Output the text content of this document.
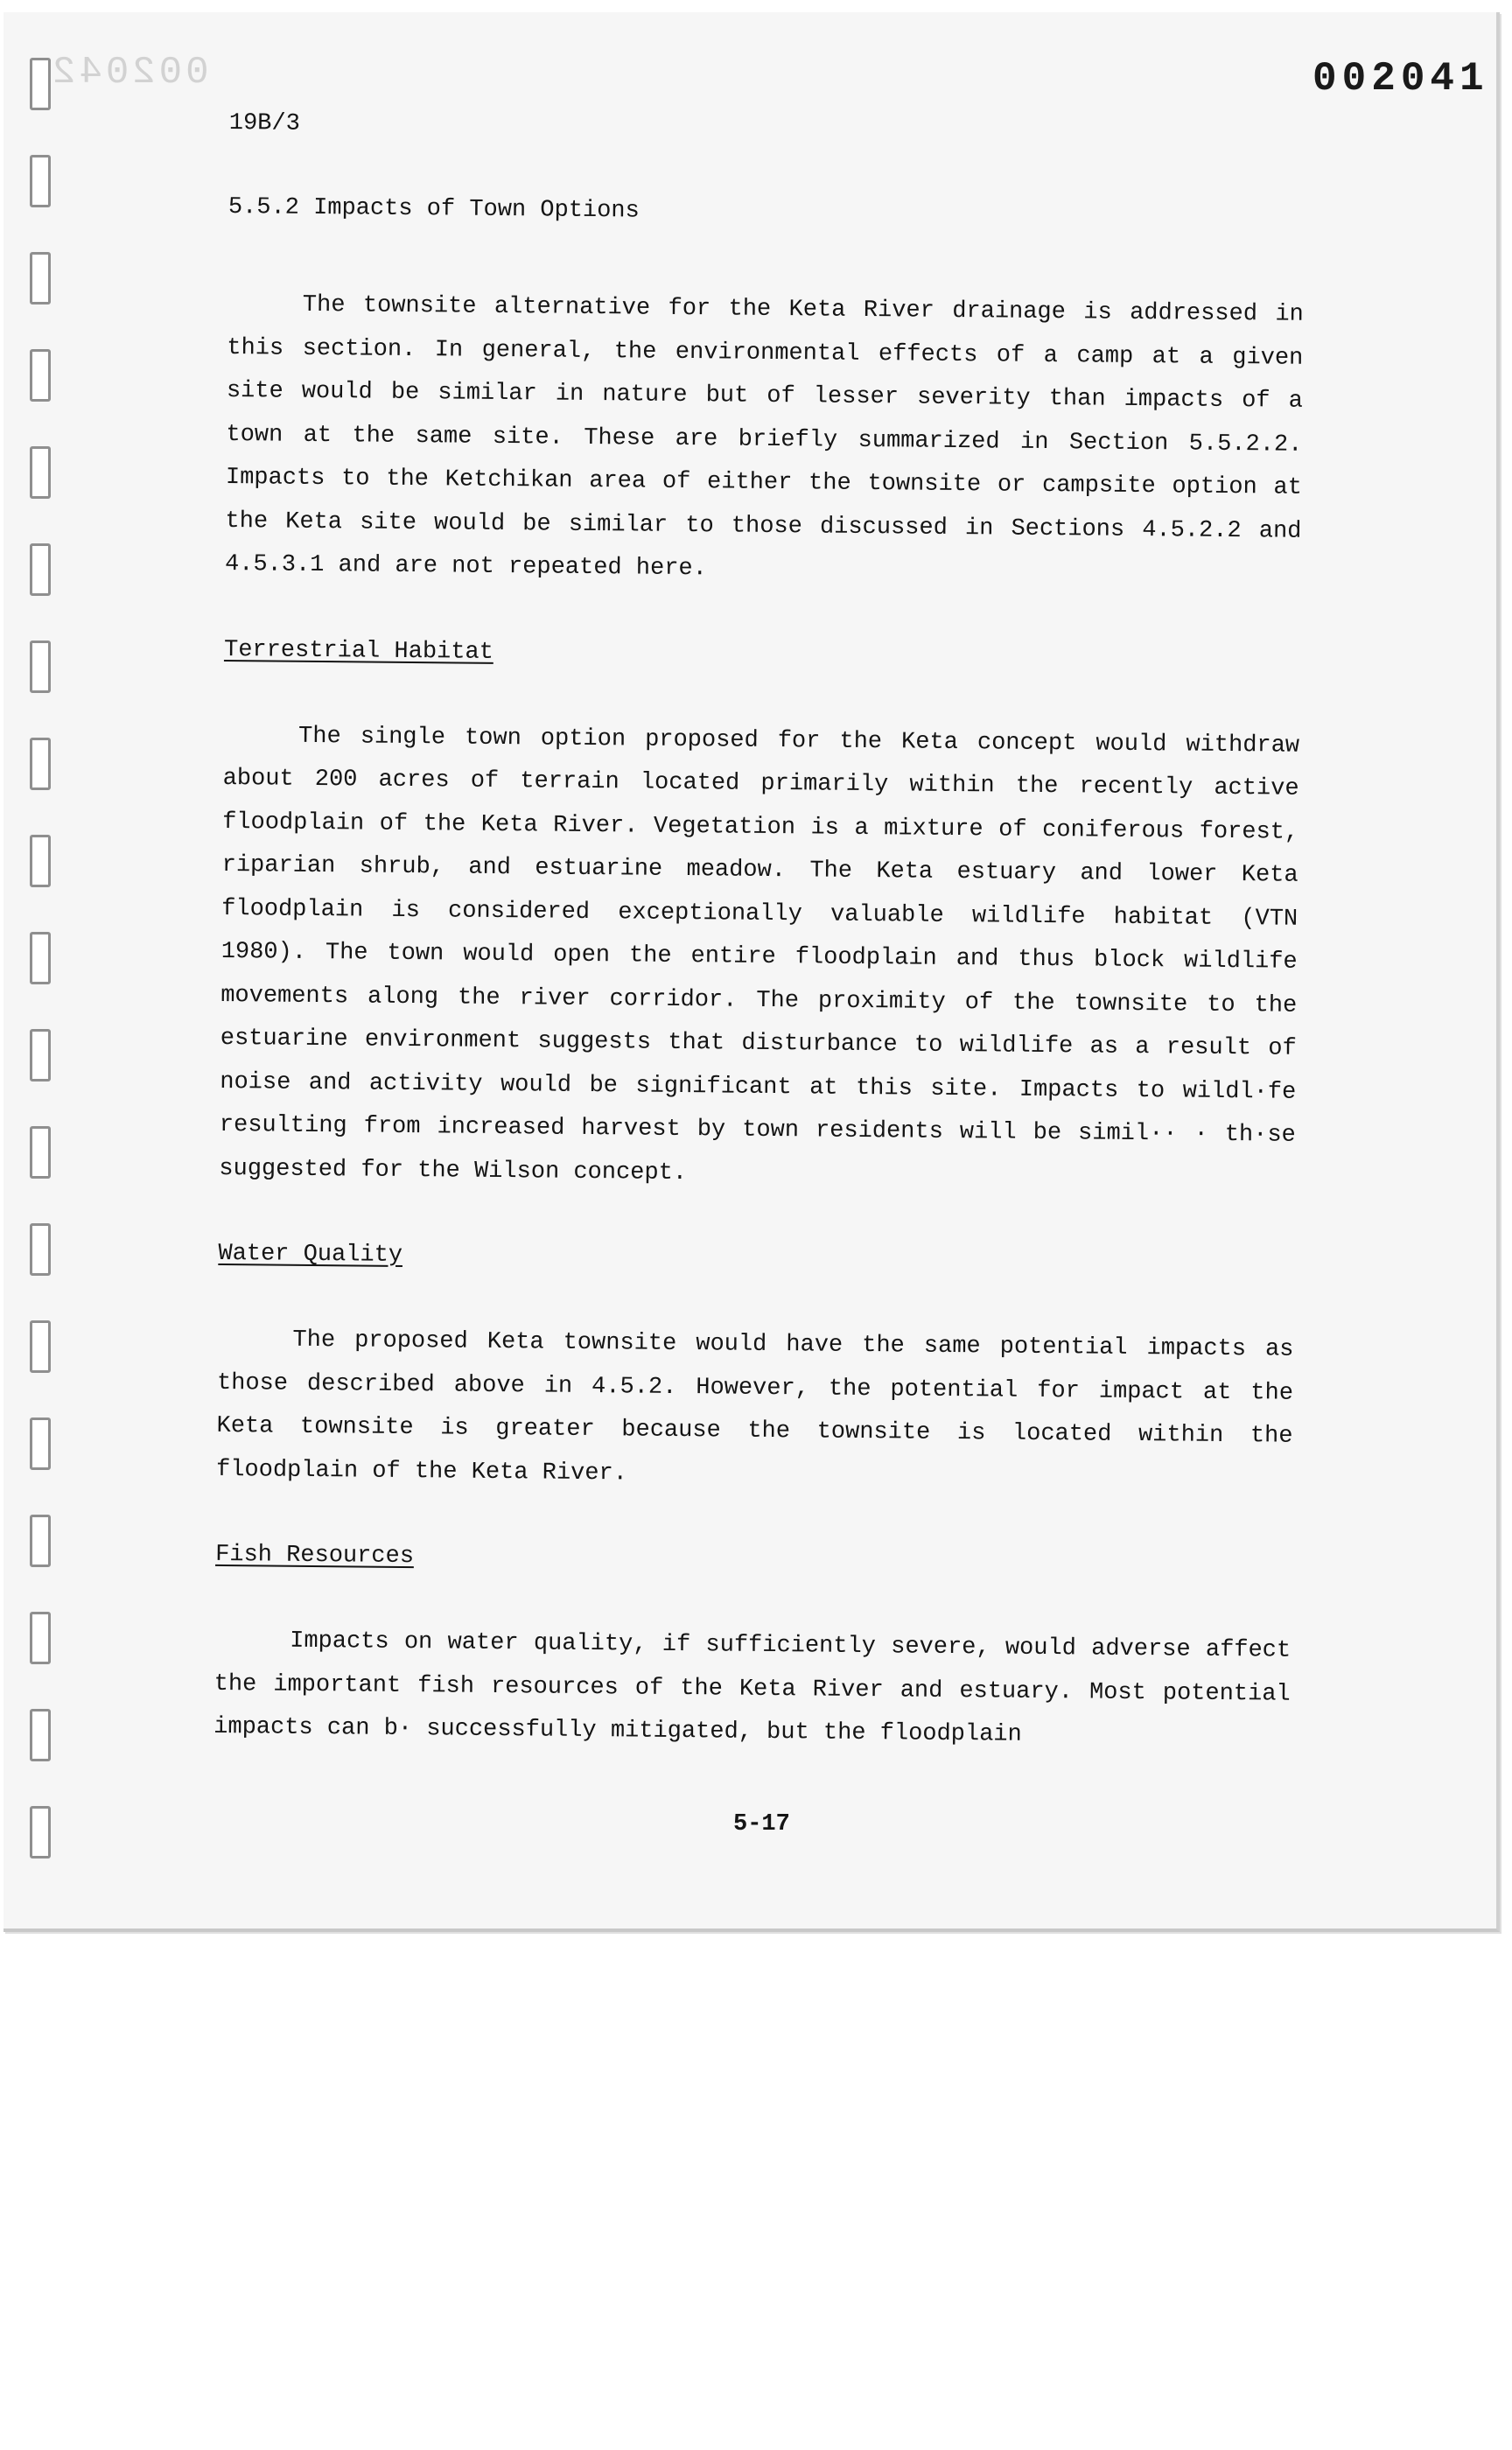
002042	002041

19B/3

5.5.2 Impacts of Town Options

The townsite alternative for the Keta River drainage is addressed in this section. In general, the environmental effects of a camp at a given site would be similar in nature but of lesser severity than impacts of a town at the same site. These are briefly summarized in Section 5.5.2.2. Impacts to the Ketchikan area of either the townsite or campsite option at the Keta site would be similar to those discussed in Sections 4.5.2.2 and 4.5.3.1 and are not repeated here.

Terrestrial Habitat

The single town option proposed for the Keta concept would withdraw about 200 acres of terrain located primarily within the recently active floodplain of the Keta River. Vegetation is a mixture of coniferous forest, riparian shrub, and estuarine meadow. The Keta estuary and lower Keta floodplain is considered exceptionally valuable wildlife habitat (VTN 1980). The town would open the entire floodplain and thus block wildlife movements along the river corridor. The proximity of the townsite to the estuarine environment suggests that disturbance to wildlife as a result of noise and activity would be significant at this site. Impacts to wildl·fe resulting from increased harvest by town residents will be simil·· · th·se suggested for the Wilson concept.

Water Quality

The proposed Keta townsite would have the same potential impacts as those described above in 4.5.2. However, the potential for impact at the Keta townsite is greater because the townsite is located within the floodplain of the Keta River.

Fish Resources

Impacts on water quality, if sufficiently severe, would adverse affect the important fish resources of the Keta River and estuary. Most potential impacts can b· successfully mitigated, but the floodplain

5-17
